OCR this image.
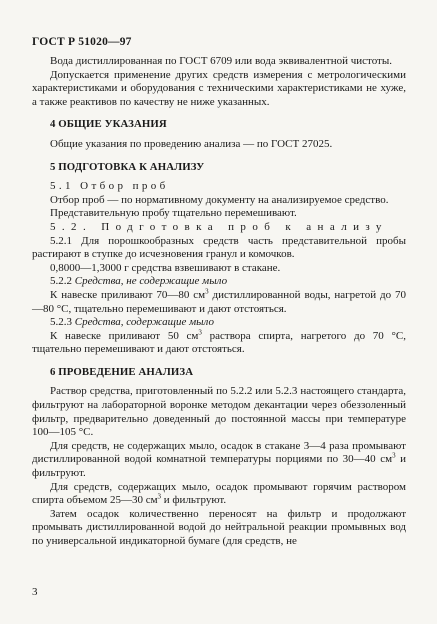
ГОСТ Р 51020—97

Вода дистиллированная по ГОСТ 6709 или вода эквивалентной чистоты.

Допускается применение других средств измерения с метрологическими характеристиками и оборудования с техническими характеристиками не хуже, а также реактивов по качеству не ниже указанных.

4 ОБЩИЕ УКАЗАНИЯ

Общие указания по проведению анализа — по ГОСТ 27025.

5 ПОДГОТОВКА К АНАЛИЗУ

5.1 Отбор проб

Отбор проб — по нормативному документу на анализируемое средство.

Представительную пробу тщательно перемешивают.

5.2. Подготовка проб к анализу

5.2.1 Для порошкообразных средств часть представительной пробы растирают в ступке до исчезновения гранул и комочков.

0,8000—1,3000 г средства взвешивают в стакане.

5.2.2 Средства, не содержащие мыло

К навеске приливают 70—80 $см^3$ дистиллированной воды, нагретой до 70—80 °С, тщательно перемешивают и дают отстояться.

5.2.3 Средства, содержащие мыло

К навеске приливают 50 $см^3$ раствора спирта, нагретого до 70 °С, тщательно перемешивают и дают отстояться.

6 ПРОВЕДЕНИЕ АНАЛИЗА

Раствор средства, приготовленный по 5.2.2 или 5.2.3 настоящего стандарта, фильтруют на лабораторной воронке методом декантации через обеззоленный фильтр, предварительно доведенный до постоянной массы при температуре 100—105 °С.

Для средств, не содержащих мыло, осадок в стакане 3—4 раза промывают дистиллированной водой комнатной температуры порциями по 30—40 $см^3$ и фильтруют.

Для средств, содержащих мыло, осадок промывают горячим раствором спирта объемом 25—30 $см^3$ и фильтруют.

Затем осадок количественно переносят на фильтр и продолжают промывать дистиллированной водой до нейтральной реакции промывных вод по универсальной индикаторной бумаге (для средств, не

3
